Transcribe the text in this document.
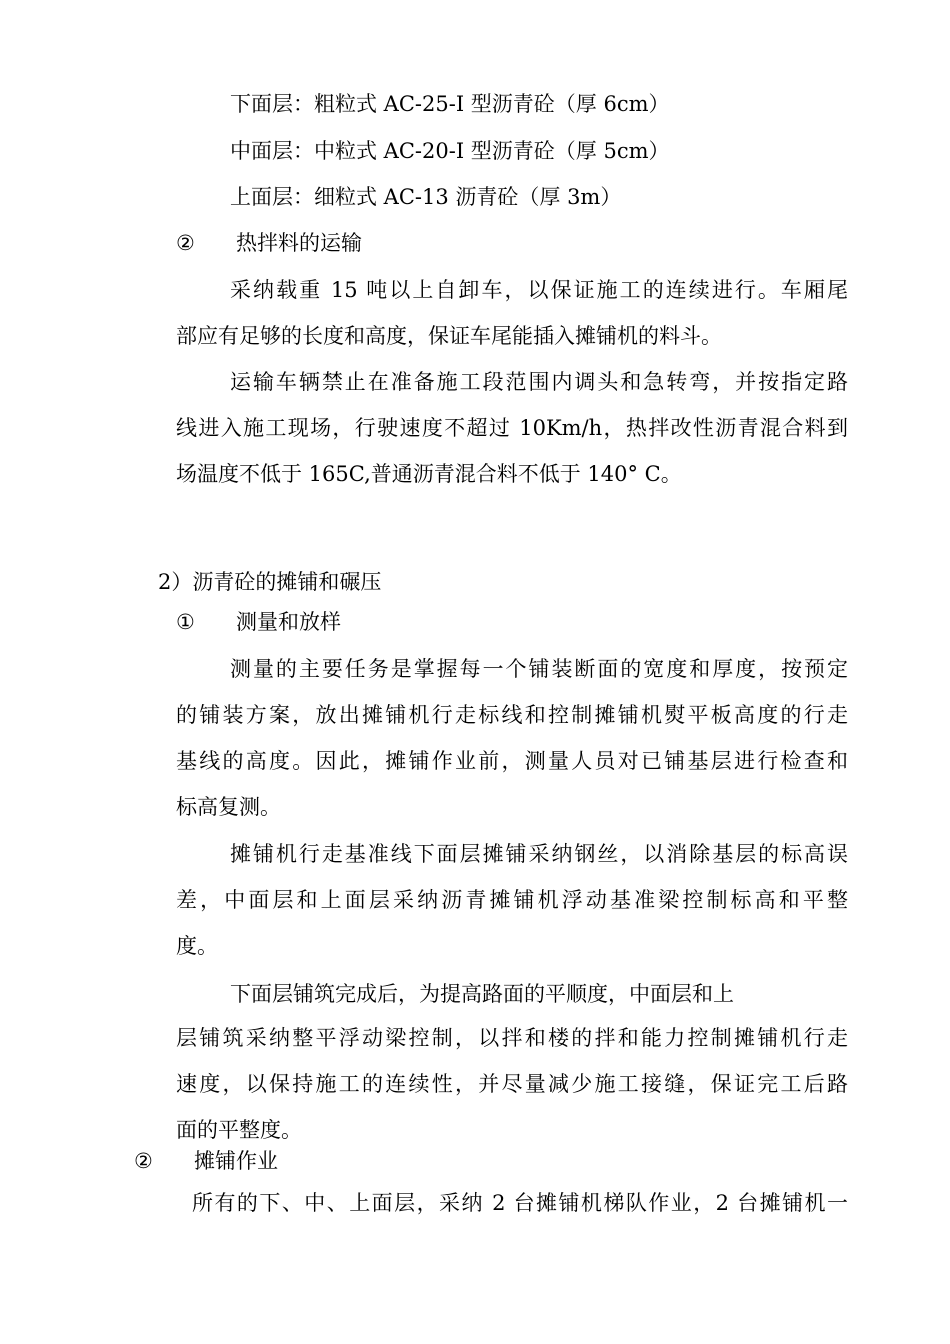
下面层：粗粒式 AC-25-I 型沥青砼（厚 6cm）
中面层：中粒式 AC-20-I 型沥青砼（厚 5cm）
上面层：细粒式 AC-13 沥青砼（厚 3m）
② 热拌料的运输
采纳载重 15 吨以上自卸车，以保证施工的连续进行。车厢尾
部应有足够的长度和高度，保证车尾能插入摊铺机的料斗。
运输车辆禁止在准备施工段范围内调头和急转弯，并按指定路
线进入施工现场，行驶速度不超过 10Km/h，热拌改性沥青混合料到
场温度不低于 165C,普通沥青混合料不低于 140° C。
2）沥青砼的摊铺和碾压
① 测量和放样
测量的主要任务是掌握每一个铺装断面的宽度和厚度，按预定
的铺装方案，放出摊铺机行走标线和控制摊铺机熨平板高度的行走
基线的高度。因此，摊铺作业前，测量人员对已铺基层进行检查和
标高复测。
摊铺机行走基准线下面层摊铺采纳钢丝，以消除基层的标高误
差，中面层和上面层采纳沥青摊铺机浮动基准梁控制标高和平整
度。
下面层铺筑完成后，为提高路面的平顺度，中面层和上
层铺筑采纳整平浮动梁控制，以拌和楼的拌和能力控制摊铺机行走
速度，以保持施工的连续性，并尽量减少施工接缝，保证完工后路
面的平整度。
② 摊铺作业
所有的下、中、上面层，采纳 2 台摊铺机梯队作业，2 台摊铺机一
